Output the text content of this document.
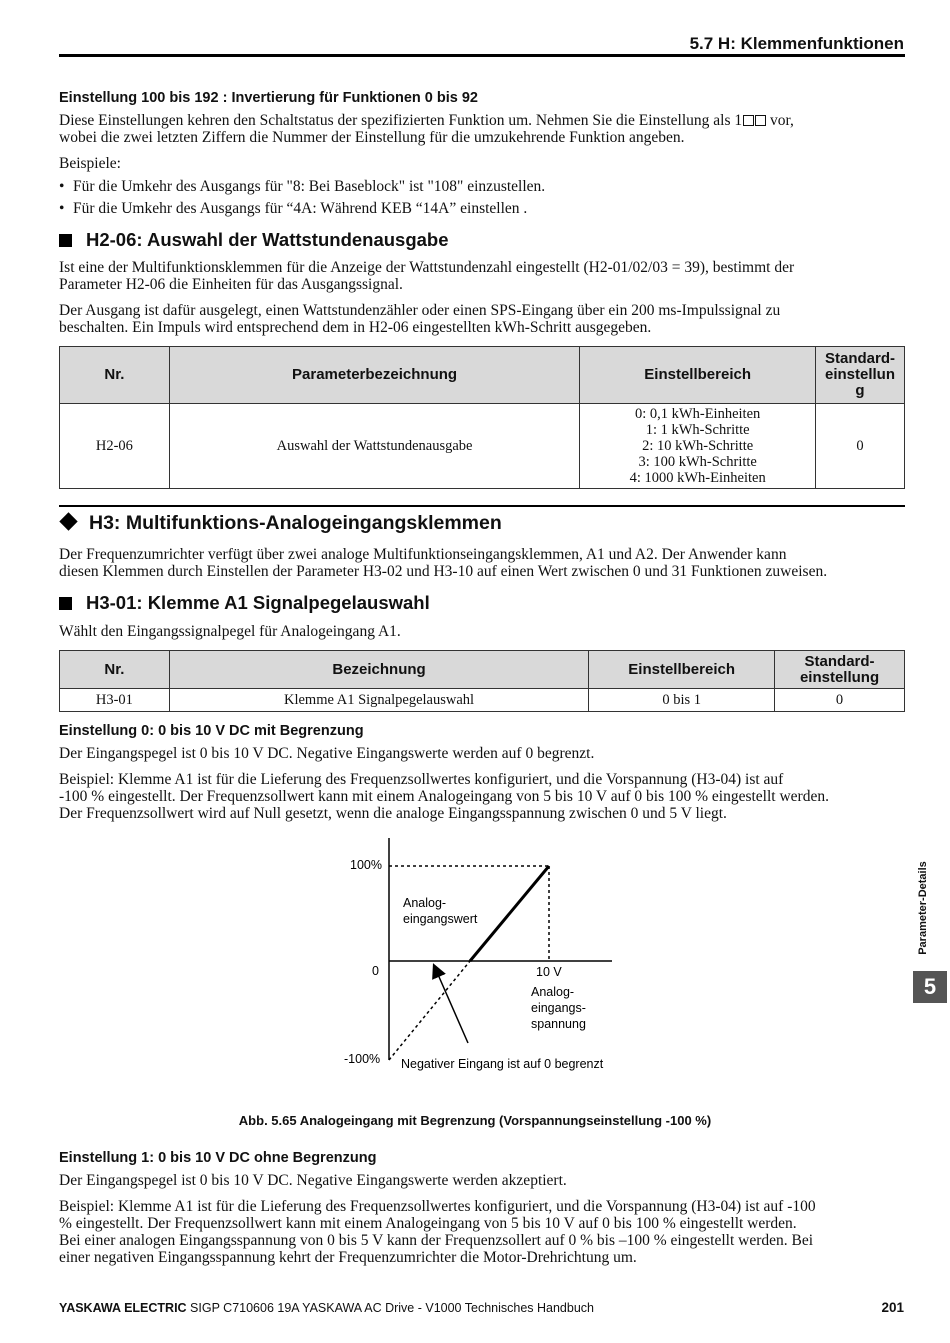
5.7 H: Klemmenfunktionen
Einstellung 100 bis 192 : Invertierung für Funktionen 0 bis 92
Diese Einstellungen kehren den Schaltstatus der spezifizierten Funktion um. Nehmen Sie die Einstellung als 1 vor,
wobei die zwei letzten Ziffern die Nummer der Einstellung für die umzukehrende Funktion angeben.
Beispiele:
• Für die Umkehr des Ausgangs für "8: Bei Baseblock" ist "108" einzustellen.
• Für die Umkehr des Ausgangs für “4A: Während KEB “14A” einstellen .
H2-06: Auswahl der Wattstundenausgabe
Ist eine der Multifunktionsklemmen für die Anzeige der Wattstundenzahl eingestellt (H2-01/02/03 = 39), bestimmt der
Parameter H2-06 die Einheiten für das Ausgangssignal.
Der Ausgang ist dafür ausgelegt, einen Wattstundenzähler oder einen SPS-Eingang über ein 200 ms-Impulssignal zu
beschalten. Ein Impuls wird entsprechend dem in H2-06 eingestellten kWh-Schritt ausgegeben.
Nr.	Parameterbezeichnung	Einstellbereich	Standard-
einstellun
g

H2-06	Auswahl der Wattstundenausgabe	0: 0,1 kWh-Einheiten
1: 1 kWh-Schritte
2: 10 kWh-Schritte
3: 100 kWh-Schritte
4: 1000 kWh-Einheiten	0
H3: Multifunktions-Analogeingangsklemmen
Der Frequenzumrichter verfügt über zwei analoge Multifunktionseingangsklemmen, A1 und A2. Der Anwender kann
diesen Klemmen durch Einstellen der Parameter H3-02 und H3-10 auf einen Wert zwischen 0 und 31 Funktionen zuweisen.
H3-01: Klemme A1 Signalpegelauswahl
Wählt den Eingangssignalpegel für Analogeingang A1.
Nr.	Bezeichnung	Einstellbereich	Standard-
einstellung

H3-01	Klemme A1 Signalpegelauswahl	0 bis 1	0
Einstellung 0: 0 bis 10 V DC mit Begrenzung
Der Eingangspegel ist 0 bis 10 V DC. Negative Eingangswerte werden auf 0 begrenzt.
Beispiel: Klemme A1 ist für die Lieferung des Frequenzsollwertes konfiguriert, und die Vorspannung (H3-04) ist auf
-100 % eingestellt. Der Frequenzsollwert kann mit einem Analogeingang von 5 bis 10 V auf 0 bis 100 % eingestellt werden.
Der Frequenzsollwert wird auf Null gesetzt, wenn die analoge Eingangsspannung zwischen 0 und 5 V liegt.
100%
0
-100%
10 V
Analog-
eingangswert
Analog-
eingangs-
spannung
Negativer Eingang ist auf 0 begrenzt
Abb. 5.65 Analogeingang mit Begrenzung (Vorspannungseinstellung -100 %)
Einstellung 1: 0 bis 10 V DC ohne Begrenzung
Der Eingangspegel ist 0 bis 10 V DC. Negative Eingangswerte werden akzeptiert.
Beispiel: Klemme A1 ist für die Lieferung des Frequenzsollwertes konfiguriert, und die Vorspannung (H3-04) ist auf -100
% eingestellt. Der Frequenzsollwert kann mit einem Analogeingang von 5 bis 10 V auf 0 bis 100 % eingestellt werden.
Bei einer analogen Eingangsspannung von 0 bis 5 V kann der Frequenzsollert auf 0 % bis –100 % eingestellt werden. Bei
einer negativen Eingangsspannung kehrt der Frequenzumrichter die Motor-Drehrichtung um.
Parameter-Details
5
YASKAWA ELECTRIC SIGP C710606 19A YASKAWA AC Drive - V1000 Technisches Handbuch	201
